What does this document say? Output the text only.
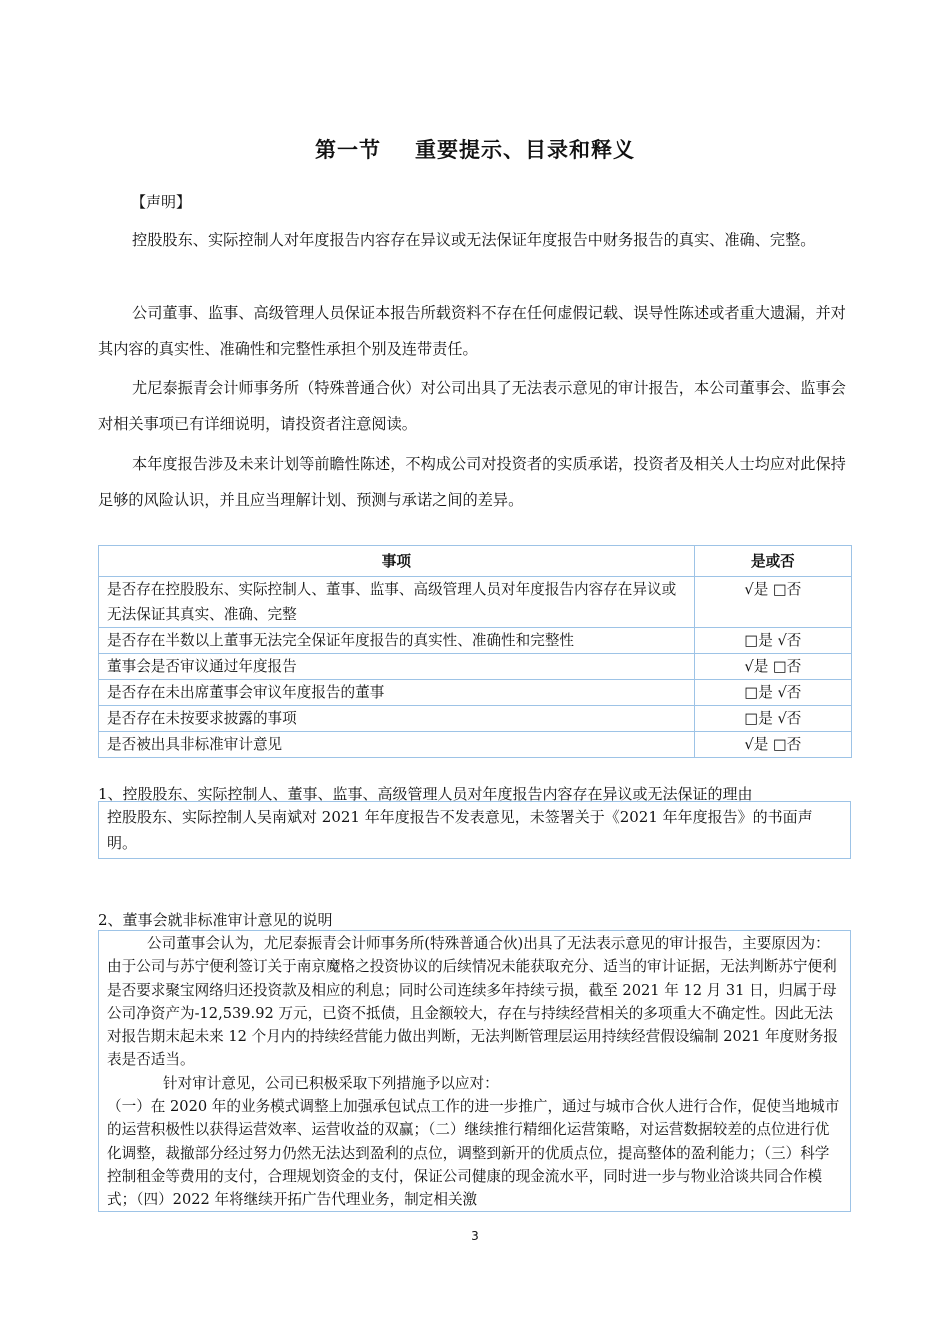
第一节 重要提示、目录和释义
【声明】
控股股东、实际控制人对年度报告内容存在异议或无法保证年度报告中财务报告的真实、准确、完整。
公司董事、监事、高级管理人员保证本报告所载资料不存在任何虚假记载、误导性陈述或者重大遗漏，并对其内容的真实性、准确性和完整性承担个别及连带责任。
尤尼泰振青会计师事务所（特殊普通合伙）对公司出具了无法表示意见的审计报告，本公司董事会、监事会对相关事项已有详细说明，请投资者注意阅读。
本年度报告涉及未来计划等前瞻性陈述，不构成公司对投资者的实质承诺，投资者及相关人士均应对此保持足够的风险认识，并且应当理解计划、预测与承诺之间的差异。
事项	是或否
是否存在控股股东、实际控制人、董事、监事、高级管理人员对年度报告内容存在异议或无法保证其真实、准确、完整	√是 □否
是否存在半数以上董事无法完全保证年度报告的真实性、准确性和完整性	□是 √否
董事会是否审议通过年度报告	√是 □否
是否存在未出席董事会审议年度报告的董事	□是 √否
是否存在未按要求披露的事项	□是 √否
是否被出具非标准审计意见	√是 □否
1、控股股东、实际控制人、董事、监事、高级管理人员对年度报告内容存在异议或无法保证的理由
控股股东、实际控制人吴南斌对 2021 年年度报告不发表意见，未签署关于《2021 年年度报告》的书面声明。
2、董事会就非标准审计意见的说明
公司董事会认为，尤尼泰振青会计师事务所(特殊普通合伙)出具了无法表示意见的审计报告，主要原因为：由于公司与苏宁便利签订关于南京魔格之投资协议的后续情况未能获取充分、适当的审计证据，无法判断苏宁便利是否要求聚宝网络归还投资款及相应的利息；同时公司连续多年持续亏损，截至 2021 年 12 月 31 日，归属于母公司净资产为-12,539.92 万元，已资不抵债，且金额较大，存在与持续经营相关的多项重大不确定性。因此无法对报告期末起未来 12 个月内的持续经营能力做出判断，无法判断管理层运用持续经营假设编制 2021 年度财务报表是否适当。
针对审计意见，公司已积极采取下列措施予以应对：
（一）在 2020 年的业务模式调整上加强承包试点工作的进一步推广，通过与城市合伙人进行合作，促使当地城市的运营积极性以获得运营效率、运营收益的双赢；（二）继续推行精细化运营策略，对运营数据较差的点位进行优化调整，裁撤部分经过努力仍然无法达到盈利的点位，调整到新开的优质点位，提高整体的盈利能力；（三）科学控制租金等费用的支付，合理规划资金的支付，保证公司健康的现金流水平，同时进一步与物业洽谈共同合作模式；（四）2022 年将继续开拓广告代理业务，制定相关激
3
